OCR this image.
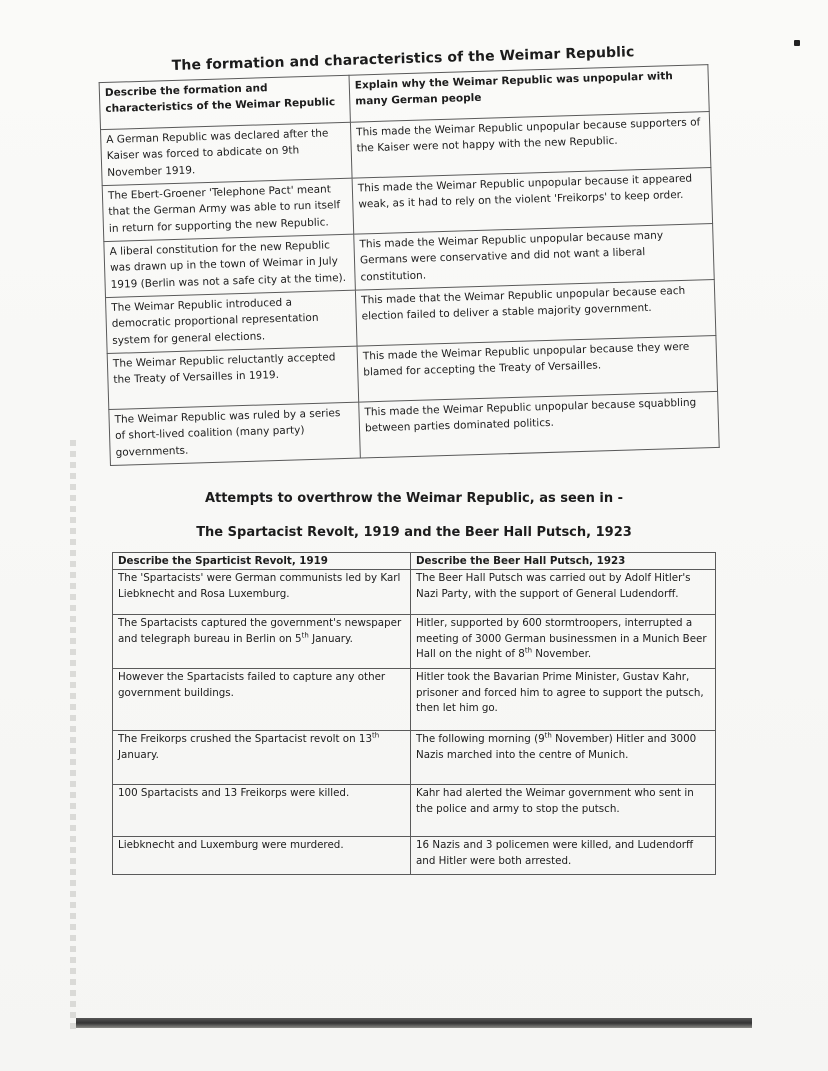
The formation and characteristics of the Weimar Republic
Describe the formation and characteristics of the Weimar Republic	Explain why the Weimar Republic was unpopular with many German people
A German Republic was declared after the Kaiser was forced to abdicate on 9th November 1919.	This made the Weimar Republic unpopular because supporters of the Kaiser were not happy with the new Republic.
The Ebert-Groener 'Telephone Pact' meant that the German Army was able to run itself in return for supporting the new Republic.	This made the Weimar Republic unpopular because it appeared weak, as it had to rely on the violent 'Freikorps' to keep order.
A liberal constitution for the new Republic was drawn up in the town of Weimar in July 1919 (Berlin was not a safe city at the time).	This made the Weimar Republic unpopular because many Germans were conservative and did not want a liberal constitution.
The Weimar Republic introduced a democratic proportional representation system for general elections.	This made that the Weimar Republic unpopular because each election failed to deliver a stable majority government.
The Weimar Republic reluctantly accepted the Treaty of Versailles in 1919.	This made the Weimar Republic unpopular because they were blamed for accepting the Treaty of Versailles.
The Weimar Republic was ruled by a series of short-lived coalition (many party) governments.	This made the Weimar Republic unpopular because squabbling between parties dominated politics.
Attempts to overthrow the Weimar Republic, as seen in -
The Spartacist Revolt, 1919 and the Beer Hall Putsch, 1923
Describe the Sparticist Revolt, 1919	Describe the Beer Hall Putsch, 1923
The 'Spartacists' were German communists led by Karl Liebknecht and Rosa Luxemburg.	The Beer Hall Putsch was carried out by Adolf Hitler's Nazi Party, with the support of General Ludendorff.
The Spartacists captured the government's newspaper and telegraph bureau in Berlin on 5th January.	Hitler, supported by 600 stormtroopers, interrupted a meeting of 3000 German businessmen in a Munich Beer Hall on the night of 8th November.
However the Spartacists failed to capture any other government buildings.	Hitler took the Bavarian Prime Minister, Gustav Kahr, prisoner and forced him to agree to support the putsch, then let him go.
The Freikorps crushed the Spartacist revolt on 13th January.	The following morning (9th November) Hitler and 3000 Nazis marched into the centre of Munich.
100 Spartacists and 13 Freikorps were killed.	Kahr had alerted the Weimar government who sent in the police and army to stop the putsch.
Liebknecht and Luxemburg were murdered.	16 Nazis and 3 policemen were killed, and Ludendorff and Hitler were both arrested.
